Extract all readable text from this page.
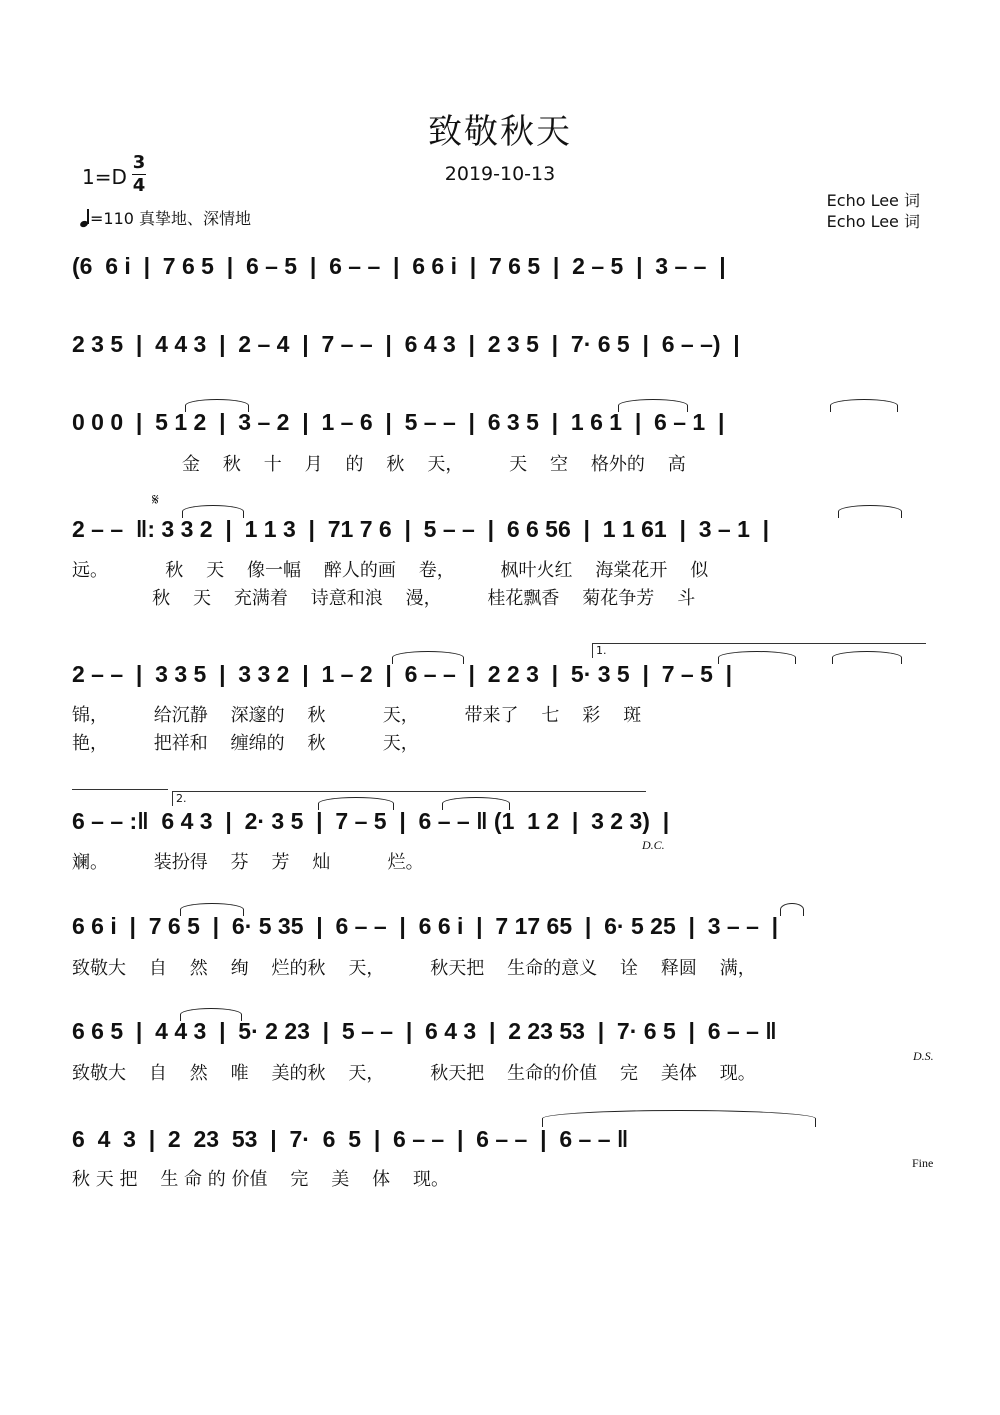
致敬秋天
2019-10-13
1=D
3
4
=110 真挚地、深情地
Echo Lee 词
Echo Lee 词
(6  6 i  |  7 6 5  |  6 – 5  |  6 – –  |  6 6 i  |  7 6 5  |  2 – 5  |  3 – –  |
2 3 5  |  4 4 3  |  2 – 4  |  7 – –  |  6 4 3  |  2 3 5  |  7· 6 5  |  6 – –)  |
0 0 0  |  5 1 2  |  3 – 2  |  1 – 6  |  5 – –  |  6 3 5  |  1 6 1  |  6 – 1  |
金    秋    十    月    的    秋    天，        天    空    格外的    高
𝄋
2 – –  ‖: 3 3 2  |  1 1 3  |  71 7 6  |  5 – –  |  6 6 56  |  1 1 61  |  3 – 1  |
远。          秋    天    像一幅    醉人的画    卷，        枫叶火红    海棠花开    似
秋    天    充满着    诗意和浪    漫，        桂花飘香    菊花争芳    斗
1.
2 – –  |  3 3 5  |  3 3 2  |  1 – 2  |  6 – –  |  2 2 3  |  5· 3 5  |  7 – 5  |
锦，        给沉静    深邃的    秋          天，        带来了    七    彩    斑
艳，        把祥和    缠绵的    秋          天，
2.
6 – – :‖  6 4 3  |  2· 3 5  |  7 – 5  |  6 – – ‖ (1  1 2  |  3 2 3)  |
D.C.
斓。        装扮得    芬    芳    灿          烂。
6 6 i  |  7 6 5  |  6· 5 35  |  6 – –  |  6 6 i  |  7 17 65  |  6· 5 25  |  3 – –  |
致敬大    自    然    绚    烂的秋    天，        秋天把    生命的意义    诠    释圆    满，
6 6 5  |  4 4 3  |  5· 2 23  |  5 – –  |  6 4 3  |  2 23 53  |  7· 6 5  |  6 – – ‖
D.S.
致敬大    自    然    唯    美的秋    天，        秋天把    生命的价值    完    美体    现。
6  4  3  |  2  23  53  |  7·  6  5  |  6 – –  |  6 – –  |  6 – – ‖
Fine
秋 天 把    生 命 的 价值    完    美    体    现。
